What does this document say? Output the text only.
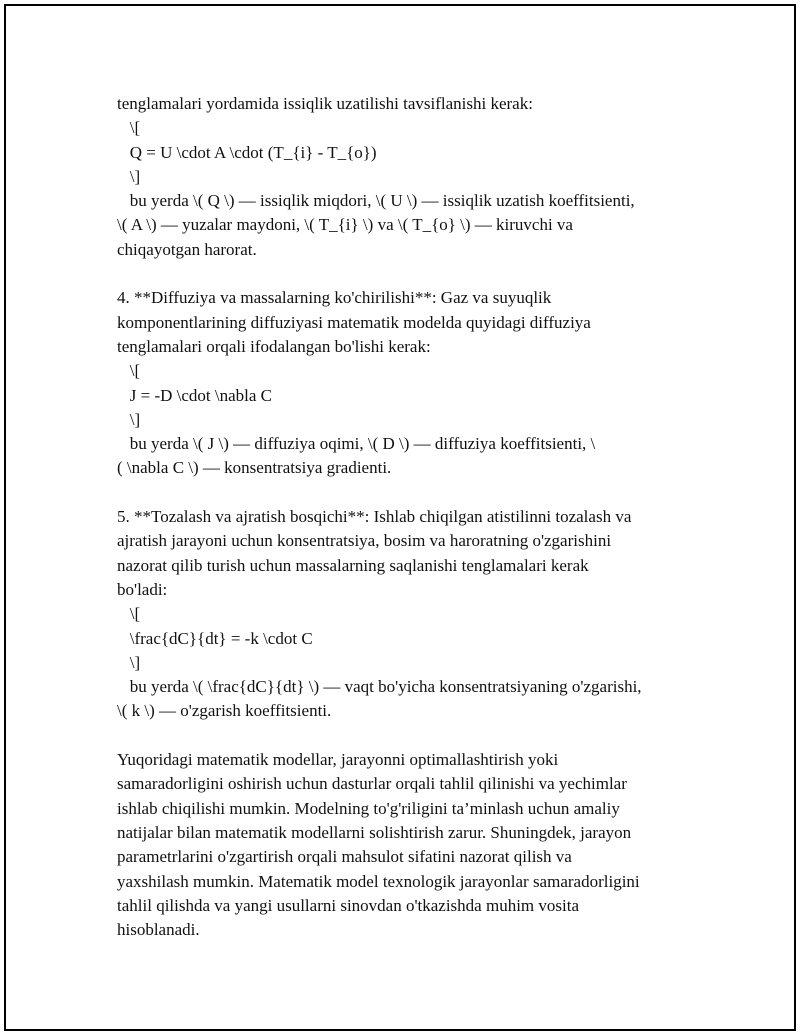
tenglamalari yordamida issiqlik uzatilishi tavsiflanishi kerak:
\[
Q = U \cdot A \cdot (T_{i} - T_{o})
\]
bu yerda \( Q \) — issiqlik miqdori, \( U \) — issiqlik uzatish koeffitsienti,
\( A \) — yuzalar maydoni, \( T_{i} \) va \( T_{o} \) — kiruvchi va
chiqayotgan harorat.
4. **Diffuziya va massalarning ko'chirilishi**: Gaz va suyuqlik
komponentlarining diffuziyasi matematik modelda quyidagi diffuziya
tenglamalari orqali ifodalangan bo'lishi kerak:
\[
J = -D \cdot \nabla C
\]
bu yerda \( J \) — diffuziya oqimi, \( D \) — diffuziya koeffitsienti, \
( \nabla C \) — konsentratsiya gradienti.
5. **Tozalash va ajratish bosqichi**: Ishlab chiqilgan atistilinni tozalash va
ajratish jarayoni uchun konsentratsiya, bosim va haroratning o'zgarishini
nazorat qilib turish uchun massalarning saqlanishi tenglamalari kerak
bo'ladi:
\[
\frac{dC}{dt} = -k \cdot C
\]
bu yerda \( \frac{dC}{dt} \) — vaqt bo'yicha konsentratsiyaning o'zgarishi,
\( k \) — o'zgarish koeffitsienti.
Yuqoridagi matematik modellar, jarayonni optimallashtirish yoki
samaradorligini oshirish uchun dasturlar orqali tahlil qilinishi va yechimlar
ishlab chiqilishi mumkin. Modelning to'g'riligini ta’minlash uchun amaliy
natijalar bilan matematik modellarni solishtirish zarur. Shuningdek, jarayon
parametrlarini o'zgartirish orqali mahsulot sifatini nazorat qilish va
yaxshilash mumkin. Matematik model texnologik jarayonlar samaradorligini
tahlil qilishda va yangi usullarni sinovdan o'tkazishda muhim vosita
hisoblanadi.
